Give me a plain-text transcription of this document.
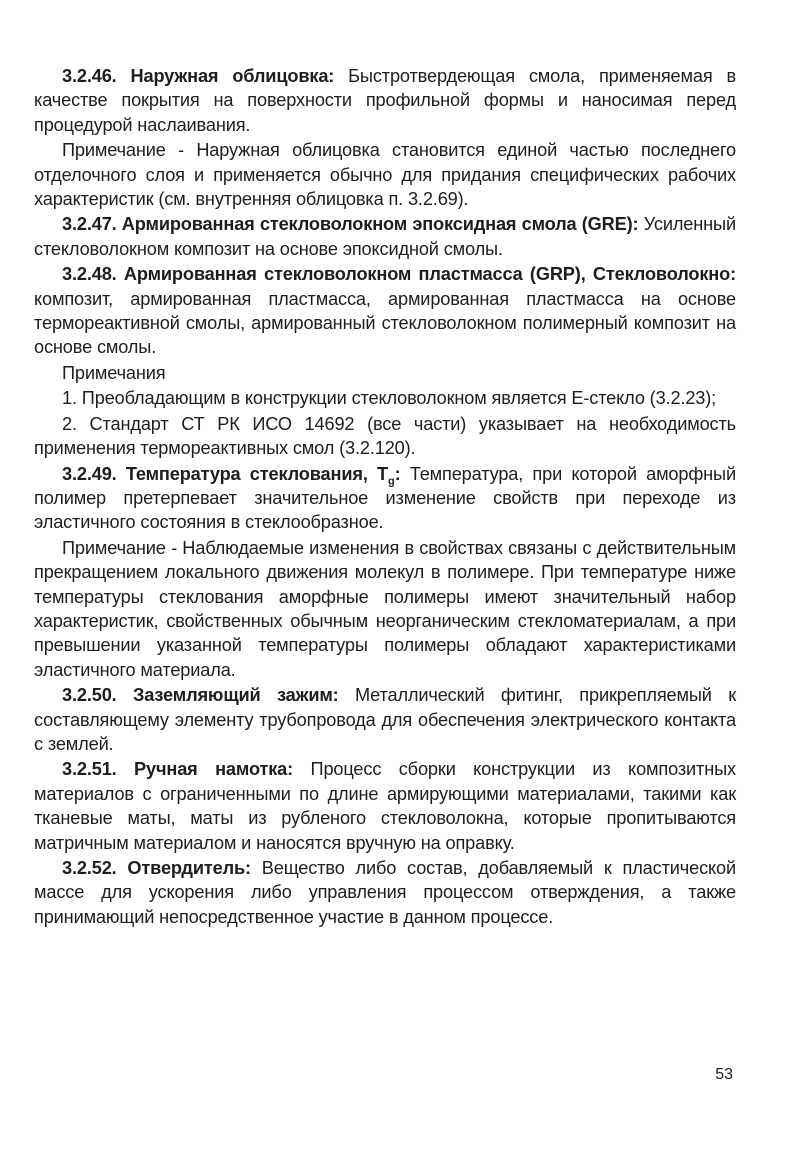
3.2.46. Наружная облицовка: Быстротвердеющая смола, применяемая в качестве покрытия на поверхности профильной формы и наносимая перед процедурой наслаивания.

Примечание - Наружная облицовка становится единой частью последнего отделочного слоя и применяется обычно для придания специфических рабочих характеристик (см. внутренняя облицовка п. 3.2.69).

3.2.47. Армированная стекловолокном эпоксидная смола (GRE): Усиленный стекловолокном композит на основе эпоксидной смолы.

3.2.48. Армированная стекловолокном пластмасса (GRP), Стекловолокно: композит, армированная пластмасса, армированная пластмасса на основе термореактивной смолы, армированный стекловолокном полимерный композит на основе смолы.

Примечания

1. Преобладающим в конструкции стекловолокном является Е-стекло (3.2.23);

2. Стандарт СТ РК ИСО 14692 (все части) указывает на необходимость применения термореактивных смол (3.2.120).

3.2.49. Температура стеклования, $T_g$: Температура, при которой аморфный полимер претерпевает значительное изменение свойств при переходе из эластичного состояния в стеклообразное.

Примечание - Наблюдаемые изменения в свойствах связаны с действительным прекращением локального движения молекул в полимере. При температуре ниже температуры стеклования аморфные полимеры имеют значительный набор характеристик, свойственных обычным неорганическим стекломатериалам, а при превышении указанной температуры полимеры обладают характеристиками эластичного материала.

3.2.50. Заземляющий зажим: Металлический фитинг, прикрепляемый к составляющему элементу трубопровода для обеспечения электрического контакта с землей.

3.2.51. Ручная намотка: Процесс сборки конструкции из композитных материалов с ограниченными по длине армирующими материалами, такими как тканевые маты, маты из рубленого стекловолокна, которые пропитываются матричным материалом и наносятся вручную на оправку.

3.2.52. Отвердитель: Вещество либо состав, добавляемый к пластической массе для ускорения либо управления процессом отверждения, а также принимающий непосредственное участие в данном процессе.

53
